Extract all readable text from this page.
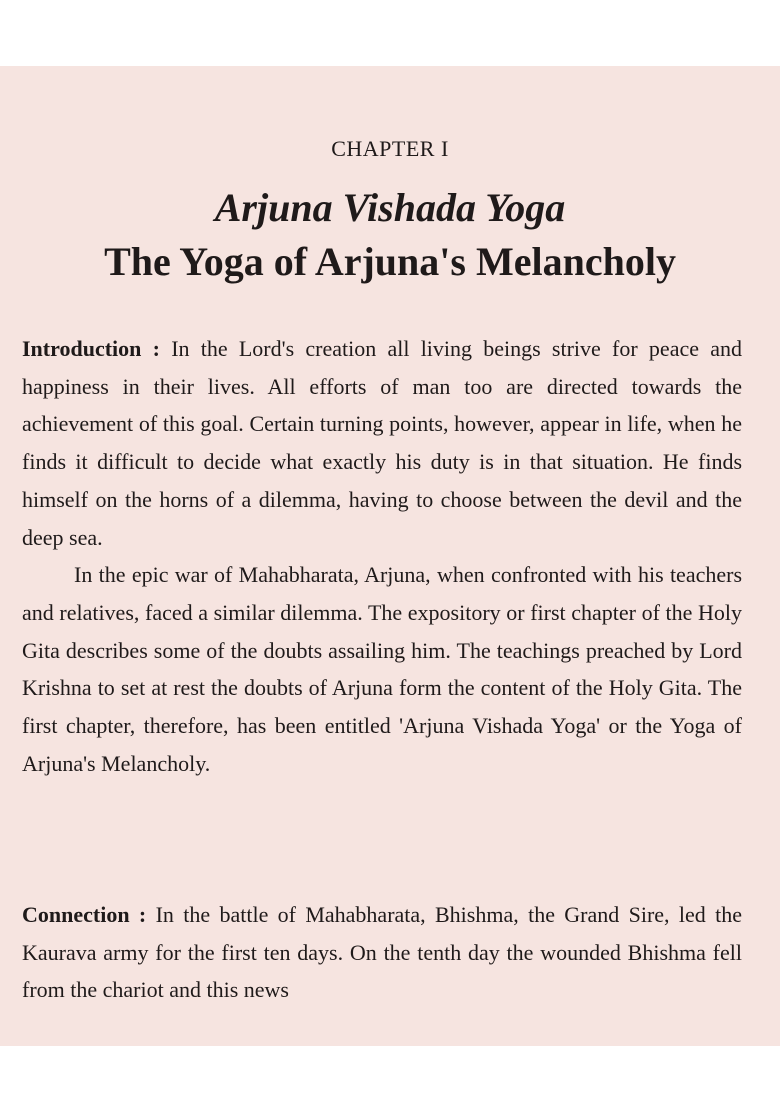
CHAPTER I
Arjuna Vishada Yoga
The Yoga of Arjuna's Melancholy

Introduction : In the Lord's creation all living beings strive for peace and happiness in their lives. All efforts of man too are directed towards the achievement of this goal. Certain turning points, however, appear in life, when he finds it difficult to decide what exactly his duty is in that situation. He finds himself on the horns of a dilemma, having to choose between the devil and the deep sea.

In the epic war of Mahabharata, Arjuna, when confronted with his teachers and relatives, faced a similar dilemma. The expository or first chapter of the Holy Gita describes some of the doubts assailing him. The teachings preached by Lord Krishna to set at rest the doubts of Arjuna form the content of the Holy Gita. The first chapter, therefore, has been entitled 'Arjuna Vishada Yoga' or the Yoga of Arjuna's Melancholy.

Connection : In the battle of Mahabharata, Bhishma, the Grand Sire, led the Kaurava army for the first ten days. On the tenth day the wounded Bhishma fell from the chariot and this news
